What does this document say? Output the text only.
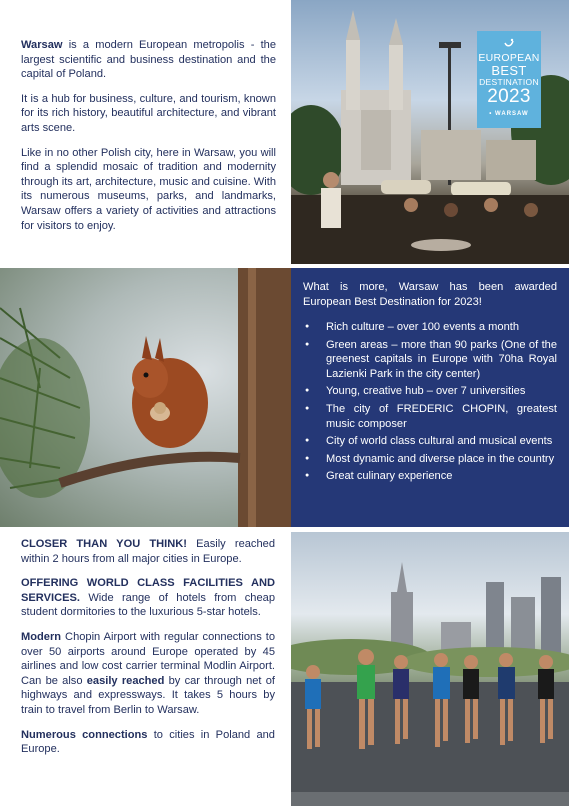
Warsaw is a modern European metropolis - the largest scientific and business destination and the capital of Poland.

It is a hub for business, culture, and tourism, known for its rich history, beautiful architecture, and vibrant arts scene.

Like in no other Polish city, here in Warsaw, you will find a splendid mosaic of tradition and modernity through its art, architecture, music and cuisine. With its numerous museums, parks, and landmarks, Warsaw offers a variety of activities and attractions for visitors to enjoy.

EUROPEAN
BEST
DESTINATION
2023
• WARSAW
What is more, Warsaw has been awarded European Best Destination for 2023!
● Rich culture – over 100 events a month
● Green areas – more than 90 parks (One of the greenest capitals in Europe with 70ha Royal Lazienki Park in the city center)
● Young, creative hub – over 7 universities
● The city of FREDERIC CHOPIN, greatest music composer
● City of world class cultural and musical events
● Most dynamic and diverse place in the country
● Great culinary experience

CLOSER THAN YOU THINK! Easily reached within 2 hours from all major cities in Europe.

OFFERING WORLD CLASS FACILITIES AND SERVICES. Wide range of hotels from cheap student dormitories to the luxurious 5-star hotels.

Modern Chopin Airport with regular connections to over 50 airports around Europe operated by 45 airlines and low cost carrier terminal Modlin Airport. Can be also easily reached by car through net of highways and expressways. It takes 5 hours by train to travel from Berlin to Warsaw.

Numerous connections to cities in Poland and Europe.
